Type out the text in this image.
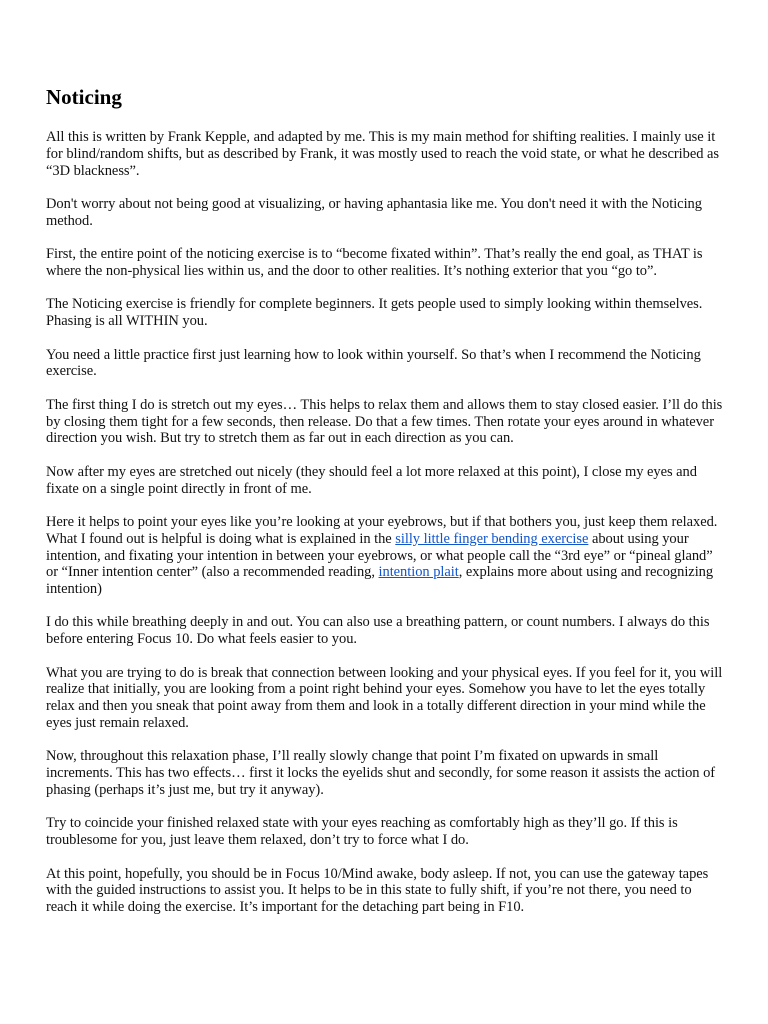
Noticing

All this is written by Frank Kepple, and adapted by me. This is my main method for shifting realities. I mainly use it for blind/random shifts, but as described by Frank, it was mostly used to reach the void state, or what he described as “3D blackness”.

Don't worry about not being good at visualizing, or having aphantasia like me. You don't need it with the Noticing method.

First, the entire point of the noticing exercise is to “become fixated within”. That’s really the end goal, as THAT is where the non-physical lies within us, and the door to other realities. It’s nothing exterior that you “go to”.

The Noticing exercise is friendly for complete beginners. It gets people used to simply looking within themselves. Phasing is all WITHIN you.

You need a little practice first just learning how to look within yourself. So that’s when I recommend the Noticing exercise.

The first thing I do is stretch out my eyes… This helps to relax them and allows them to stay closed easier. I’ll do this by closing them tight for a few seconds, then release. Do that a few times. Then rotate your eyes around in whatever direction you wish. But try to stretch them as far out in each direction as you can.

Now after my eyes are stretched out nicely (they should feel a lot more relaxed at this point), I close my eyes and fixate on a single point directly in front of me.

Here it helps to point your eyes like you’re looking at your eyebrows, but if that bothers you, just keep them relaxed. What I found out is helpful is doing what is explained in the silly little finger bending exercise about using your intention, and fixating your intention in between your eyebrows, or what people call the “3rd eye” or “pineal gland” or “Inner intention center” (also a recommended reading, intention plait, explains more about using and recognizing intention)

I do this while breathing deeply in and out. You can also use a breathing pattern, or count numbers. I always do this before entering Focus 10. Do what feels easier to you.

What you are trying to do is break that connection between looking and your physical eyes. If you feel for it, you will realize that initially, you are looking from a point right behind your eyes. Somehow you have to let the eyes totally relax and then you sneak that point away from them and look in a totally different direction in your mind while the eyes just remain relaxed.

Now, throughout this relaxation phase, I’ll really slowly change that point I’m fixated on upwards in small increments. This has two effects… first it locks the eyelids shut and secondly, for some reason it assists the action of phasing (perhaps it’s just me, but try it anyway).

Try to coincide your finished relaxed state with your eyes reaching as comfortably high as they’ll go. If this is troublesome for you, just leave them relaxed, don’t try to force what I do.

At this point, hopefully, you should be in Focus 10/Mind awake, body asleep. If not, you can use the gateway tapes with the guided instructions to assist you. It helps to be in this state to fully shift, if you’re not there, you need to reach it while doing the exercise. It’s important for the detaching part being in F10.
